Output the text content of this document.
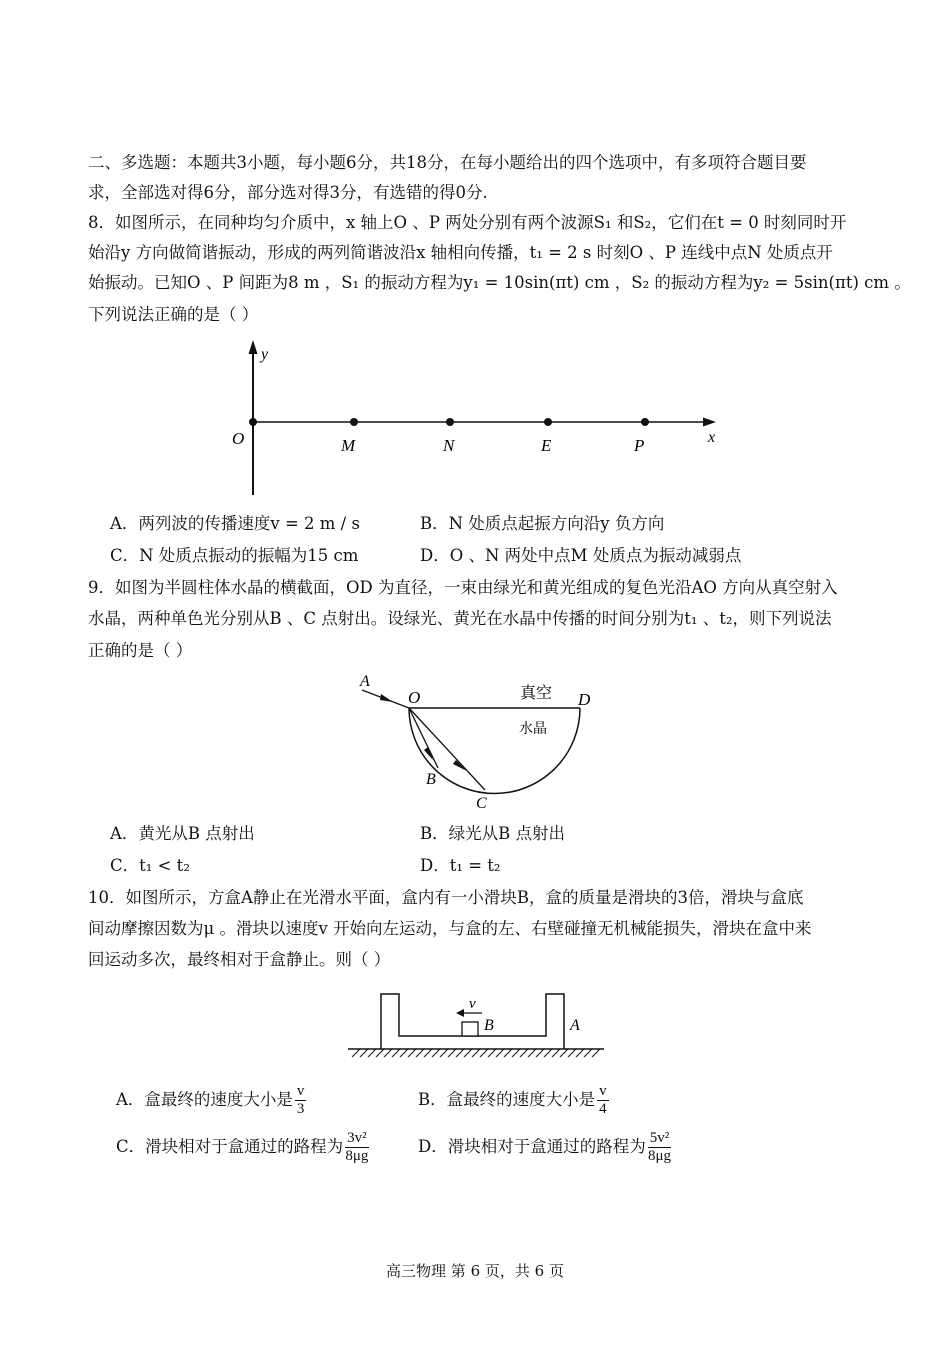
二、多选题：本题共3小题，每小题6分，共18分，在每小题给出的四个选项中，有多项符合题目要
求，全部选对得6分，部分选对得3分，有选错的得0分.
8．如图所示，在同种均匀介质中，x 轴上O 、P 两处分别有两个波源S₁ 和S₂，它们在t = 0 时刻同时开
始沿y 方向做简谐振动，形成的两列简谐波沿x 轴相向传播，t₁ = 2 s 时刻O 、P 连线中点N 处质点开
始振动。已知O 、P 间距为8 m ，S₁ 的振动方程为y₁ = 10sin(πt) cm ，S₂ 的振动方程为y₂ = 5sin(πt) cm 。
下列说法正确的是（ ）
y
x
O	M	N	E	P
A
O	D
B
C
真空
水晶
v
B	A
A．两列波的传播速度v = 2 m / s	B．N 处质点起振方向沿y 负方向
C．N 处质点振动的振幅为15 cm	D．O 、N 两处中点M 处质点为振动减弱点
9．如图为半圆柱体水晶的横截面，OD 为直径，一束由绿光和黄光组成的复色光沿AO 方向从真空射入
水晶，两种单色光分别从B 、C 点射出。设绿光、黄光在水晶中传播的时间分别为t₁ 、t₂，则下列说法
正确的是（ ）
A．黄光从B 点射出	B．绿光从B 点射出
C．t₁ < t₂	D．t₁ = t₂
10．如图所示，方盒A静止在光滑水平面，盒内有一小滑块B，盒的质量是滑块的3倍，滑块与盒底
间动摩擦因数为μ 。滑块以速度v 开始向左运动，与盒的左、右壁碰撞无机械能损失，滑块在盒中来
回运动多次，最终相对于盒静止。则（ ）
A．盒最终的速度大小是 $\frac{v}{3}$	B．盒最终的速度大小是 $\frac{v}{4}$
C．滑块相对于盒通过的路程为 $\frac{\text{3v²}}{8\mu g}$	D．滑块相对于盒通过的路程为 $\frac{\text{5v²}}{8\mu g}$
高三物理 第 6 页，共 6 页
